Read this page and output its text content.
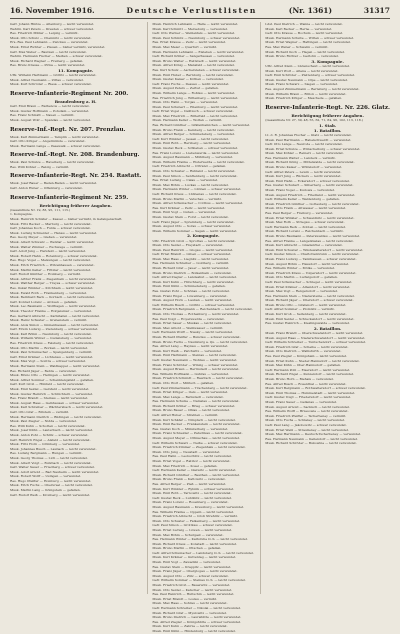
16. November 1916.	Deutsche Verlustlisten	(Nr. 1361)	31317
Gefr. Johann Hintze — Altenburg — leicht verwundet.
Wehrm. Karl Peters — Dresden — schwer verwundet.
Res. Friedrich Müller — Leipzig — vermißt.
Musk. Otto Schulz — Chemnitz — leicht verwundet.
Ers.-Res. Paul Lehmann — Zwickau — verwundet.
Musk. Ernst Richter — Plauen — bisher vermißt, verwundet.
Gefr. Max Weber — Bautzen — leicht verwundet.
Wehrm. Hermann Fischer — Meißen — schwer verwundet.
Musk. Richard Wagner — Freiberg — gefallen.
Res. Bruno Krause — Pirna — leicht verwundet.
11. Kompagnie.
Uffz. Wilhelm Hartmann — Görlitz — leicht verwundet.
Musk. Alfred Neumann — Zittau — verwundet.
Musk. Kurt Schröder — Riesa — schwer verwundet.
Reserve-Infanterie-Regiment Nr. 200.
Brandenburg a. H.
Gefr. Emil Braun — Rathenow — leicht verwundet.
Musk. Gustav Hoffmann — Potsdam — verwundet.
Res. Franz Schmidt — Nauen — vermißt.
Musk. August Wolf — Spandau — leicht verwundet.
Reserve-Inf.-Regt. Nr. 207. Prenzlau.
Musk. Karl Zimmermann — Templin — leicht verwundet.
Gefr. Otto Krüger — Angermünde — verwundet.
Musk. Hermann Lange — Pasewalk — schwer verwundet.
Reserve-Inf.-Regt. Nr. 208. Brandenburg.
Musk. Paul Schulze — Havelberg — leicht verwundet.
Res. Willi Köhler — Belzig — vermißt.
Reserve-Infanterie-Regt. Nr. 254. Rastatt.
Musk. Josef Bauer — Baden-Baden — leicht verwundet.
Gefr. Anton Huber — Offenburg — verwundet.
Reserve-Infanterie-Regiment Nr. 259.
Berichtigung früherer Angaben.
(Gesamtliste Nr. 19, 83, 95, 111, 115.)
1. Kompagnie.
Musk. Heinrich Schäfer — Kassel — bisher vermißt, in Gefangenschaft.
Musk. Fritz Becker — Marburg — leicht verwundet.
Gefr. Johannes Koch — Fulda — schwer verwundet.
Musk. Ludwig Schneider — Hanau — leicht verwundet.
Res. Georg Meyer — Gießen — verwundet.
Musk. Albert Schwarz — Wetzlar — leicht verwundet.
Musk. Walter Zimmer — Eschwege — vermißt.
Gefr. Adolf Jung — Hersfeld — leicht verwundet.
Musk. Robert Hahn — Rotenburg — schwer verwundet.
Res. Hugo Vogel — Melsungen — leicht verwundet.
Musk. Erich Friedrich — Witzenhausen — verwundet.
Musk. Martin Keller — Fritzlar — leicht verwundet.
Gefr. Rudolf Günther — Homberg — vermißt.
Musk. Arthur Frank — Ziegenhain — leicht verwundet.
Musk. Walther Berger — Treysa — schwer verwundet.
Res. Oskar Winkler — Kirchhain — leicht verwundet.
Musk. Ewald Roth — Frankenberg — verwundet.
Musk. Bernhard Beck — Korbach — leicht verwundet.
Gefr. Konrad Lorenz — Arolsen — gefallen.
Musk. Leo Baumann — Wolfhagen — leicht verwundet.
Musk. Theodor Franke — Hofgeismar — verwundet.
Res. Gerhard Albrecht — Karlshafen — leicht verwundet.
Musk. Heinz Schuster — Grebenstein — vermißt.
Musk. Alois Simon — Immenhausen — leicht verwundet.
Gefr. Erwin Ludwig — Zierenberg — schwer verwundet.
Musk. Karl Böhm — Naumburg — leicht verwundet.
Musk. Wilhelm Winter — Gudensberg — verwundet.
Res. Friedrich Kraus — Felsberg — leicht verwundet.
Musk. Otto Martin — Borken — leicht verwundet.
Musk. Paul Schumacher — Spangenberg — vermißt.
Gefr. Ernst Krämer — Lichtenau — leicht verwundet.
Musk. Max Vogt — Sontra — schwer verwundet.
Musk. Hermann Stein — Waldkappel — leicht verwundet.
Res. Richard Jäger — Bebra — verwundet.
Musk. Bruno Otto — Heringen — leicht verwundet.
Musk. Alfred Sommer — Schenklengsfeld — gefallen.
Gefr. Kurt Groß — Hünfeld — leicht verwundet.
Musk. Emil Seidel — Gersfeld — leicht verwundet.
Musk. Gustav Heinrich — Schlüchtern — verwundet.
Res. Franz Brandt — Steinau — leicht verwundet.
Musk. August Haas — Gelnhausen — schwer verwundet.
Musk. Karl Schreiber — Wächtersbach — leicht verwundet.
Gefr. Otto Graf — Birstein — vermißt.
Musk. Hermann Dietrich — Büdingen — leicht verwundet.
Musk. Paul Ziegler — Nidda — verwundet.
Res. Willi Kuhn — Schotten — leicht verwundet.
Musk. Josef Kühn — Lauterbach — leicht verwundet.
Musk. Anton Pohl — Schlitz — schwer verwundet.
Gefr. Heinrich Engel — Alsfeld — leicht verwundet.
Musk. Fritz Horn — Grünberg — verwundet.
Musk. Johannes Busch — Laubach — leicht verwundet.
Res. Ludwig Bergmann — Hungen — vermißt.
Musk. Georg Thomas — Lich — leicht verwundet.
Musk. Albert Voigt — Butzbach — leicht verwundet.
Gefr. Walter Sauer — Friedberg — schwer verwundet.
Musk. Adolf Arnold — Bad Nauheim — leicht verwundet.
Musk. Robert Wolff — Usingen — verwundet.
Res. Hugo Pfeiffer — Homburg — leicht verwundet.
Musk. Erich Fuchs — Oberursel — leicht verwundet.
Musk. Martin Lang — Königstein — gefallen.
Gefr. Rudolf Weiß — Kronberg — leicht verwundet.
Musk. Heinrich Lehmann — Halle — leicht verwundet.
Musk. Karl Schmitt — Merseburg — verwundet.
Gefr. Otto Werner — Weißenfels — leicht verwundet.
Musk. Paul Schmitz — Naumburg — schwer verwundet.
Res. Ernst Krause — Zeitz — leicht verwundet.
Musk. Max Meier — Querfurt — vermißt.
Musk. Hermann Lehmann — Eisleben — leicht verwundet.
Gefr. Richard Köhler — Sangerhausen — verwundet.
Musk. Bruno Walter — Hettstedt — leicht verwundet.
Musk. Alfred König — Mansfeld — leicht verwundet.
Res. Kurt Schulz — Aschersleben — schwer verwundet.
Musk. Emil Huber — Bernburg — leicht verwundet.
Musk. Gustav Kaiser — Köthen — verwundet.
Gefr. Franz Fuchs — Dessau — leicht verwundet.
Musk. August Peters — Zerbst — gefallen.
Musk. Wilhelm Lange — Roßlau — leicht verwundet.
Res. Friedrich Jung — Wittenberg — leicht verwundet.
Musk. Otto Hahn — Torgau — verwundet.
Musk. Paul Schubert — Eilenburg — leicht verwundet.
Gefr. Ernst Vogel — Delitzsch — schwer verwundet.
Musk. Max Friedrich — Bitterfeld — leicht verwundet.
Musk. Hermann Keller — Wolfen — vermißt.
Res. Richard Günther — Gräfenhainichen — leicht verwundet.
Musk. Bruno Frank — Kemberg — leicht verwundet.
Musk. Alfred Berger — Schmiedeberg — verwundet.
Gefr. Kurt Winkler — Jessen — leicht verwundet.
Musk. Emil Roth — Herzberg — leicht verwundet.
Musk. Gustav Beck — Schlieben — schwer verwundet.
Res. Franz Lorenz — Liebenwerda — leicht verwundet.
Musk. August Baumann — Mühlberg — verwundet.
Musk. Wilhelm Franke — Elsterwerda — leicht verwundet.
Gefr. Friedrich Albrecht — Ortrand — gefallen.
Musk. Otto Schuster — Ruhland — leicht verwundet.
Musk. Paul Simon — Senftenberg — leicht verwundet.
Res. Ernst Ludwig — Calau — verwundet.
Musk. Max Böhm — Luckau — leicht verwundet.
Musk. Hermann Winter — Lübben — schwer verwundet.
Gefr. Richard Kraus — Lübbenau — leicht verwundet.
Musk. Bruno Martin — Vetschau — vermißt.
Musk. Alfred Schumacher — Cottbus — leicht verwundet.
Res. Kurt Krämer — Peitz — leicht verwundet.
Musk. Emil Vogt — Guben — verwundet.
Musk. Gustav Stein — Forst — leicht verwundet.
Gefr. Franz Jäger — Spremberg — leicht verwundet.
Musk. August Otto — Sorau — schwer verwundet.
Musk. Wilhelm Sommer — Sagan — leicht verwundet.
2. Kompagnie.
Uffz. Friedrich Groß — Sprottau — leicht verwundet.
Musk. Otto Seidel — Freystadt — verwundet.
Musk. Paul Heinrich — Glogau — leicht verwundet.
Gefr. Ernst Brandt — Lüben — schwer verwundet.
Musk. Max Haas — Liegnitz — leicht verwundet.
Res. Hermann Schreiber — Goldberg — vermißt.
Musk. Richard Graf — Jauer — leicht verwundet.
Musk. Bruno Dietrich — Bolkenhain — verwundet.
Gefr. Alfred Ziegler — Landeshut — leicht verwundet.
Musk. Kurt Kuhn — Hirschberg — leicht verwundet.
Musk. Emil Kühn — Schmiedeberg — gefallen.
Res. Gustav Pohl — Schönau — leicht verwundet.
Musk. Franz Engel — Löwenberg — verwundet.
Musk. August Horn — Lauban — leicht verwundet.
Gefr. Wilhelm Busch — Görlitz — schwer verwundet.
Musk. Friedrich Bergmann — Reichenbach — leicht verwundet.
Musk. Otto Thomas — Rothenburg — leicht verwundet.
Res. Paul Voigt — Hoyerswerda — verwundet.
Musk. Ernst Sauer — Muskau — leicht verwundet.
Musk. Max Arnold — Weißwasser — vermißt.
Gefr. Hermann Wolff — Niesky — leicht verwundet.
Musk. Richard Pfeiffer — Bunzlau — schwer verwundet.
Musk. Bruno Fuchs — Naumburg a. Qu. — leicht verwundet.
Res. Alfred Lang — Haynau — leicht verwundet.
Musk. Kurt Weiß — Parchwitz — verwundet.
Musk. Emil Hartmann — Steinau — leicht verwundet.
Gefr. Gustav Neumann — Wohlau — leicht verwundet.
Musk. Franz Schröder — Winzig — schwer verwundet.
Musk. August Braun — Herrnstadt — leicht verwundet.
Res. Wilhelm Hoffmann — Guhrau — verwundet.
Musk. Friedrich Schmidt — Rawitsch — leicht verwundet.
Musk. Otto Wolf — Militsch — gefallen.
Gefr. Paul Zimmermann — Trachenberg — leicht verwundet.
Musk. Ernst Krüger — Oels — leicht verwundet.
Musk. Max Lange — Bernstadt — verwundet.
Res. Hermann Schulze — Namslau — leicht verwundet.
Musk. Richard Köhler — Brieg — schwer verwundet.
Musk. Bruno Bauer — Ohlau — leicht verwundet.
Gefr. Alfred Huber — Strehlen — vermißt.
Musk. Kurt Schäfer — Nimptsch — leicht verwundet.
Musk. Emil Becker — Frankenstein — leicht verwundet.
Res. Gustav Koch — Münsterberg — verwundet.
Musk. Franz Schneider — Patschkau — leicht verwundet.
Musk. August Meyer — Ottmachau — leicht verwundet.
Gefr. Wilhelm Schwarz — Neiße — schwer verwundet.
Musk. Friedrich Zimmer — Ziegenhals — leicht verwundet.
Musk. Otto Jung — Neustadt — verwundet.
Res. Paul Hahn — Leobschütz — leicht verwundet.
Musk. Ernst Vogel — Ratibor — leicht verwundet.
Musk. Max Friedrich — Kosel — gefallen.
Gefr. Hermann Keller — Gleiwitz — leicht verwundet.
Musk. Richard Günther — Beuthen — leicht verwundet.
Musk. Bruno Frank — Kattowitz — verwundet.
Res. Alfred Berger — Pleß — leicht verwundet.
Musk. Kurt Winkler — Rybnik — schwer verwundet.
Musk. Emil Roth — Tarnowitz — leicht verwundet.
Gefr. Gustav Beck — Lublinitz — leicht verwundet.
Musk. Franz Lorenz — Rosenberg — verwundet.
Musk. August Baumann — Kreuzburg — leicht verwundet.
Res. Wilhelm Franke — Oppeln — leicht verwundet.
Musk. Friedrich Albrecht — Groß Strehlitz — vermißt.
Musk. Otto Schuster — Falkenberg — leicht verwundet.
Gefr. Paul Simon — Grottkau — schwer verwundet.
Musk. Ernst Ludwig — Löwen — leicht verwundet.
Musk. Max Böhm — Schurgast — verwundet.
Res. Hermann Winter — Karlsruhe O.-S. — leicht verwundet.
Musk. Richard Kraus — Konstadt — leicht verwundet.
Musk. Bruno Martin — Pitschen — gefallen.
Gefr. Alfred Schumacher — Landsberg O.-S. — leicht verwundet.
Musk. Kurt Krämer — Guttentag — leicht verwundet.
Musk. Emil Vogt — Zawadzki — verwundet.
Res. Gustav Stein — Krappitz — leicht verwundet.
Musk. Franz Jäger — Oberglogau — leicht verwundet.
Musk. August Otto — Zülz — schwer verwundet.
Gefr. Wilhelm Sommer — Steinau O.-S. — leicht verwundet.
Musk. Friedrich Groß — Bauerwitz — verwundet.
Musk. Otto Seidel — Katscher — leicht verwundet.
Res. Paul Heinrich — Hultschin — leicht verwundet.
Musk. Ernst Brandt — Loslau — vermißt.
Musk. Max Haas — Sohrau — leicht verwundet.
Gefr. Hermann Schreiber — Nikolai — leicht verwundet.
Musk. Richard Graf — Myslowitz — verwundet.
Musk. Bruno Dietrich — Laurahütte — leicht verwundet.
Res. Alfred Ziegler — Königshütte — schwer verwundet.
Musk. Kurt Kuhn — Zabrze — leicht verwundet.
Musk. Emil Kühn — Hindenburg — leicht verwundet.
Ldst. Paul Dietrich — Wanne — leicht verwundet.
Musk. Karl Becker — Herne — verwundet.
Gefr. Otto Krause — Bochum — leicht verwundet.
Musk. Hermann Schulte — Witten — schwer verwundet.
Musk. Ernst Wagner — Hattingen — leicht verwundet.
Res. Max Weber — Schwelm — vermißt.
Musk. Richard Koch — Hagen — leicht verwundet.
Musk. Bruno Richter — Iserlohn — verwundet.
3. Kompagnie.
Uffz. Alfred Klein — Lüdenscheid — leicht verwundet.
Musk. Kurt Wolf — Altena — leicht verwundet.
Gefr. Emil Schröder — Plettenberg — schwer verwundet.
Musk. Gustav Neumann — Olpe — leicht verwundet.
Musk. Franz Schwarz — Siegen — verwundet.
Res. August Zimmermann — Berleburg — leicht verwundet.
Musk. Wilhelm Braun — Brilon — leicht verwundet.
Musk. Friedrich Krüger — Meschede — gefallen.
Reserve-Infanterie-Regt. Nr. 226. Glatz.
Berichtigung früherer Angaben.
(Gesamtliste Nr. 27, 39, 48, 55, 62, 71, 84, 96, 102, 113, 118.)
1. Stab.
1. Bataillon.
Lt. d. R. Johannes Fischer — Glatz — leicht verwundet.
Musk. Paul Hartmann — Habelschwerdt — verwundet.
Gefr. Otto Lange — Neurode — leicht verwundet.
Musk. Ernst Schulze — Wünschelburg — schwer verwundet.
Musk. Max Köhler — Reinerz — leicht verwundet.
Res. Hermann Walter — Landeck — vermißt.
Musk. Richard König — Mittelwalde — leicht verwundet.
Musk. Bruno Kaiser — Wölfelsdorf — verwundet.
Gefr. Alfred Peters — Lewin — leicht verwundet.
Musk. Kurt Jung — Rückers — leicht verwundet.
Musk. Emil Hahn — Eckersdorf — schwer verwundet.
Res. Gustav Schubert — Silberberg — leicht verwundet.
Musk. Franz Vogel — Kudowa — verwundet.
Musk. August Friedrich — Friedland — leicht verwundet.
Gefr. Wilhelm Keller — Waldenburg — gefallen.
Musk. Friedrich Günther — Gottesberg — leicht verwundet.
Musk. Otto Frank — Altwasser — leicht verwundet.
Res. Paul Berger — Freiburg — verwundet.
Musk. Ernst Winkler — Schweidnitz — leicht verwundet.
Musk. Max Roth — Striegau — schwer verwundet.
Gefr. Hermann Beck — Zobten — leicht verwundet.
Musk. Richard Lorenz — Reichenbach — vermißt.
Musk. Bruno Baumann — Peterswaldau — leicht verwundet.
Res. Alfred Franke — Langenbielau — leicht verwundet.
Musk. Kurt Albrecht — Gnadenfrei — verwundet.
Musk. Emil Schuster — Wüstewaltersdorf — leicht verwundet.
Gefr. Gustav Simon — Charlottenbrunn — leicht verwundet.
Musk. Franz Ludwig — Tannhausen — schwer verwundet.
Musk. August Böhm — Hausdorf — leicht verwundet.
Res. Wilhelm Winter — Mölke — verwundet.
Musk. Friedrich Kraus — Volpersdorf — leicht verwundet.
Musk. Otto Martin — Ludwigsdorf — gefallen.
Gefr. Paul Schumacher — Schlegel — leicht verwundet.
Musk. Ernst Krämer — Albendorf — leicht verwundet.
Musk. Max Vogt — Rengersdorf — verwundet.
Res. Hermann Stein — Niedersteine — leicht verwundet.
Musk. Richard Jäger — Ullersdorf — schwer verwundet.
Musk. Bruno Otto — Grafenort — leicht verwundet.
Gefr. Alfred Sommer — Plomnitz — vermißt.
Musk. Kurt Groß — Seitenberg — leicht verwundet.
Musk. Emil Seidel — Schreckendorf — leicht verwundet.
Res. Gustav Heinrich — Kieslingswalde — verwundet.
2. Bataillon.
Musk. Franz Brandt — Oberschwedeldorf — leicht verwundet.
Musk. August Haas — Niederschwedeldorf — leicht verwundet.
Gefr. Wilhelm Schreiber — Tuntschendorf — schwer verwundet.
Musk. Friedrich Graf — Scheibe — leicht verwundet.
Musk. Otto Dietrich — Wallisfurth — verwundet.
Res. Paul Ziegler — Königshain — leicht verwundet.
Musk. Ernst Kuhn — Nieder-Hannsdorf — leicht verwundet.
Musk. Max Kühn — Ober-Hannsdorf — gefallen.
Gefr. Hermann Pohl — Eisersdorf — leicht verwundet.
Musk. Richard Engel — Kunzendorf — leicht verwundet.
Musk. Bruno Horn — Biehals — verwundet.
Res. Alfred Busch — Rosenthal — leicht verwundet.
Musk. Kurt Bergmann — Rothwaltersdorf — schwer verwundet.
Musk. Emil Thomas — Hummelstadt — leicht verwundet.
Gefr. Gustav Voigt — Friedersdorf — leicht verwundet.
Musk. Franz Sauer — Gellenau — verwundet.
Musk. August Arnold — Sackisch — leicht verwundet.
Res. Wilhelm Wolff — Brzesowie — leicht verwundet.
Musk. Friedrich Pfeiffer — Tscherbeney — vermißt.
Musk. Otto Fuchs — Schlaney — leicht verwundet.
Gefr. Paul Lang — Jakobowitz — schwer verwundet.
Musk. Ernst Weiß — Straußeney — leicht verwundet.
Musk. Max Hartmann — Deutsch-Tscherbeney — verwundet.
Res. Hermann Neumann — Keilendorf — leicht verwundet.
Musk. Richard Schröder — Bukowine — leicht verwundet.
